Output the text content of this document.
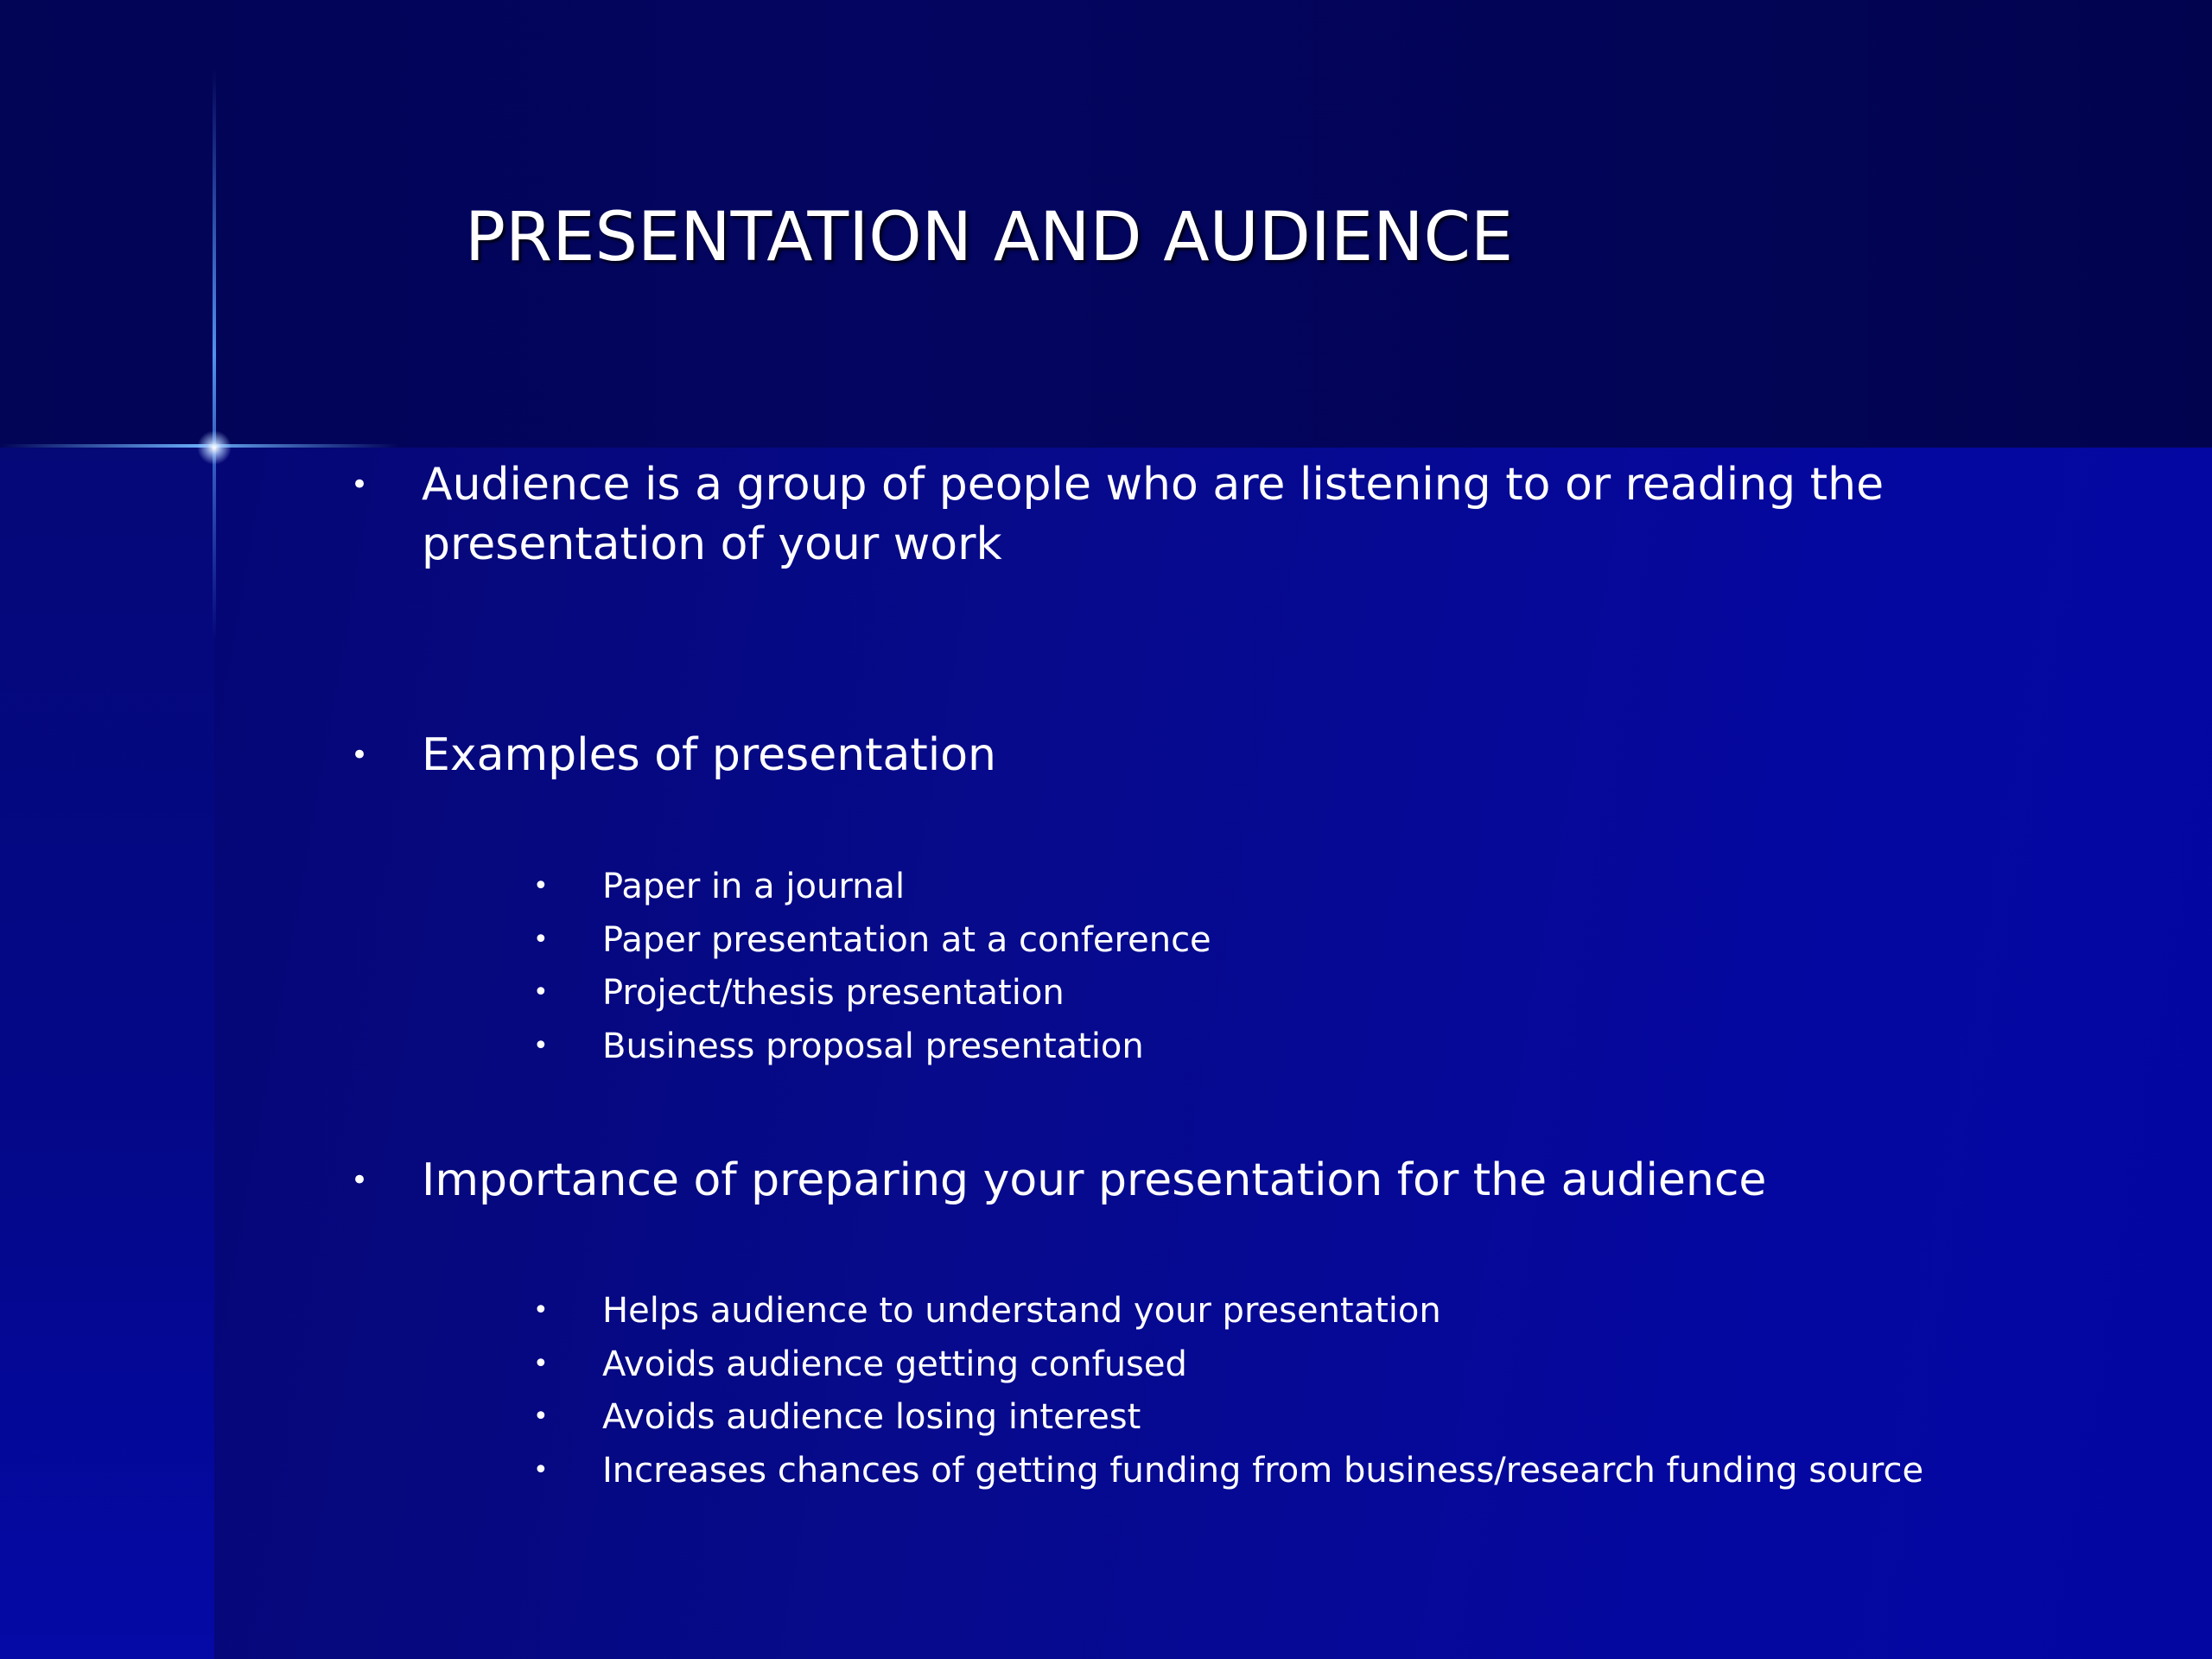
PRESENTATION AND AUDIENCE
• Audience is a group of people who are listening to or reading the presentation of your work
• Examples of presentation
• Paper in a journal
• Paper presentation at a conference
• Project/thesis presentation
• Business proposal presentation
• Importance of preparing your presentation for the audience
• Helps audience to understand your presentation
• Avoids audience getting confused
• Avoids audience losing interest
• Increases chances of getting funding from business/research funding source
